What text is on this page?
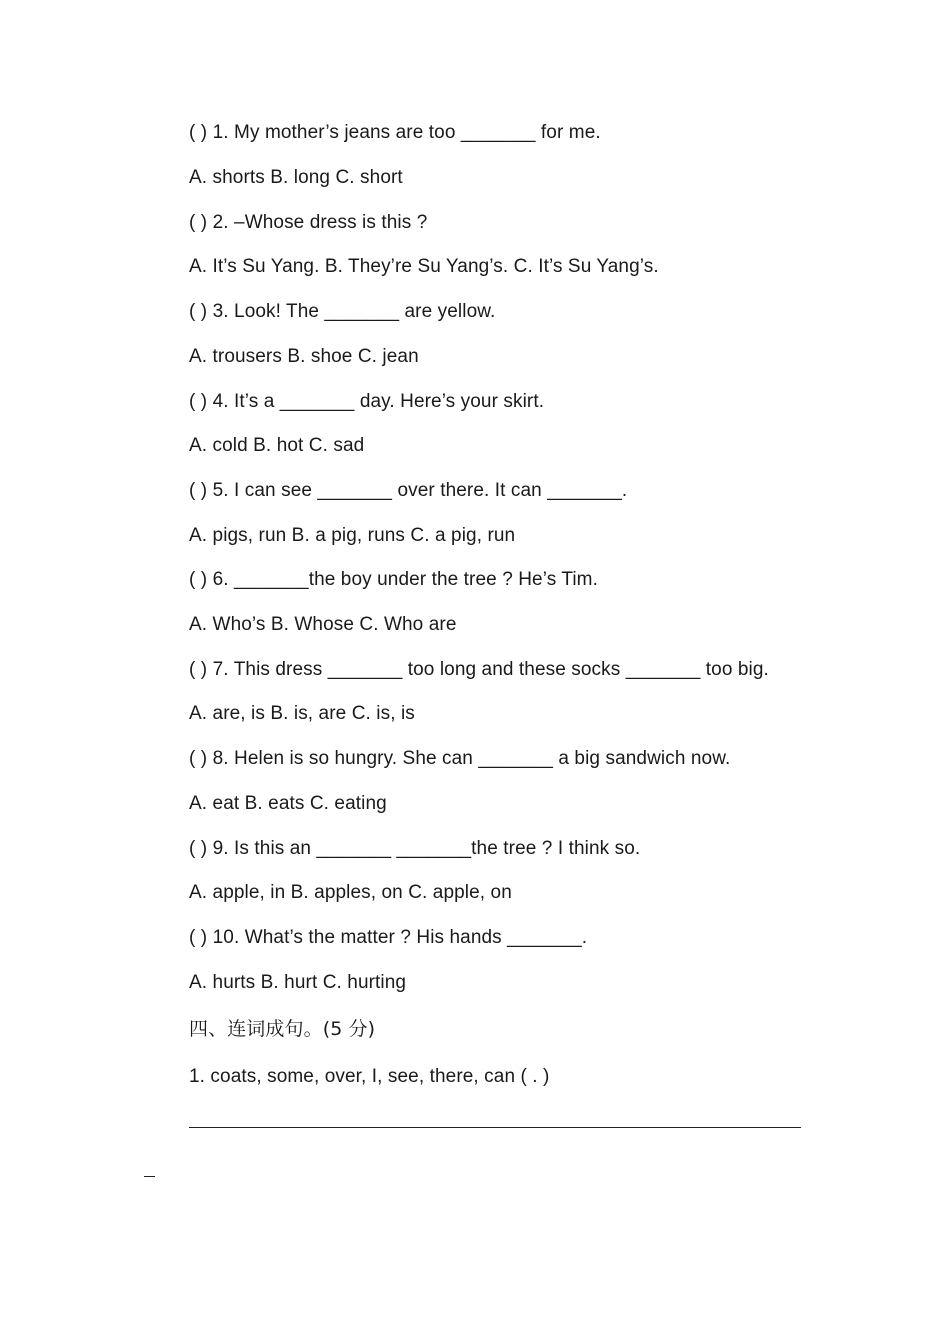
( ) 1. My mother’s jeans are too _______ for me.
A. shorts B. long C. short
( ) 2. –Whose dress is this ?
A. It’s Su Yang. B. They’re Su Yang’s. C. It’s Su Yang’s.
( ) 3. Look! The _______ are yellow.
A. trousers B. shoe C. jean
( ) 4. It’s a _______ day. Here’s your skirt.
A. cold B. hot C. sad
( ) 5. I can see _______ over there. It can _______.
A. pigs, run B. a pig, runs C. a pig, run
( ) 6. _______the boy under the tree ? He’s Tim.
A. Who’s B. Whose C. Who are
( ) 7. This dress _______ too long and these socks _______ too big.
A. are, is B. is, are C. is, is
( ) 8. Helen is so hungry. She can _______ a big sandwich now.
A. eat B. eats C. eating
( ) 9. Is this an _______ _______the tree ? I think so.
A. apple, in B. apples, on C. apple, on
( ) 10. What’s the matter ? His hands _______.
A. hurts B. hurt C. hurting
四、连词成句。(5 分)
1. coats, some, over, I, see, there, can ( . )
